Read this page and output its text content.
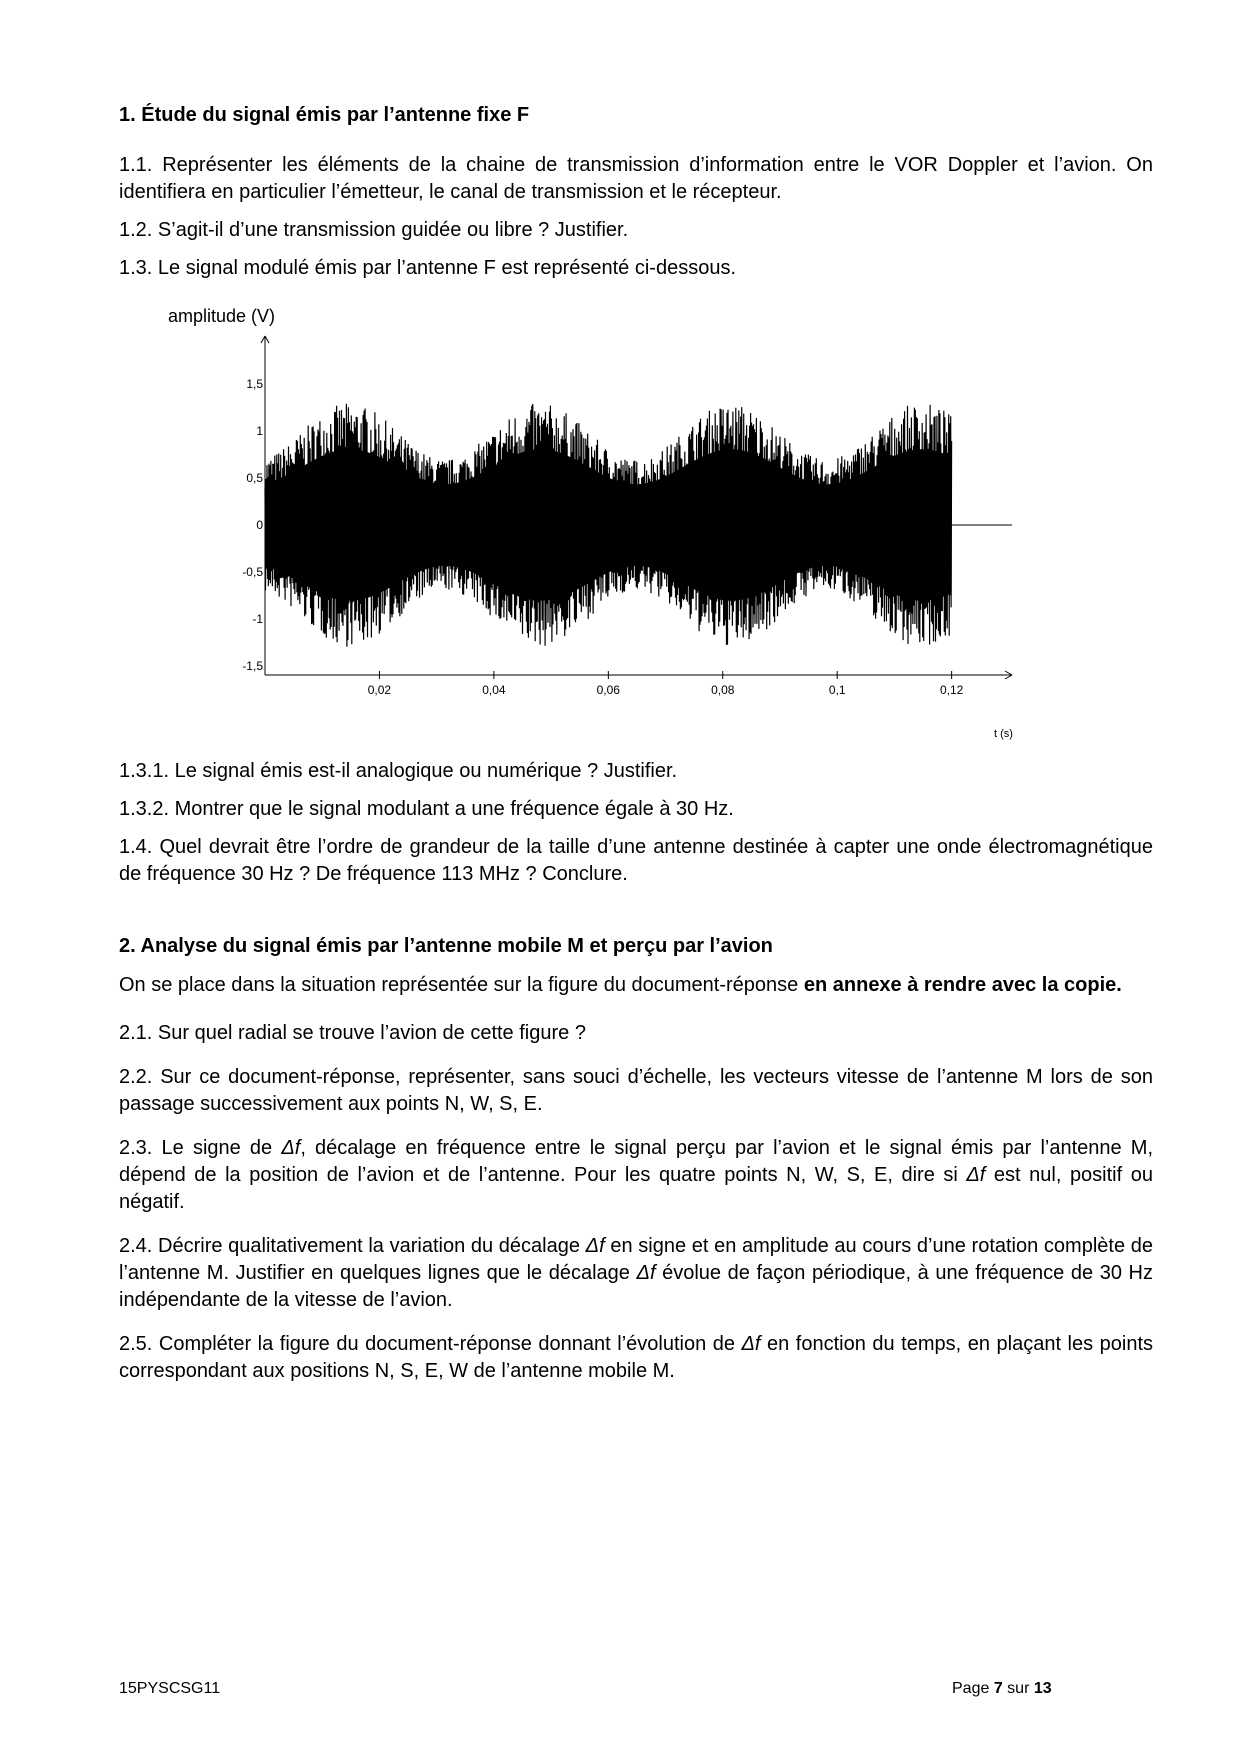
1. Étude du signal émis par l’antenne fixe F

1.1. Représenter les éléments de la chaine de transmission d’information entre le VOR Doppler et l’avion. On identifiera en particulier l’émetteur, le canal de transmission et le récepteur.

1.2. S’agit-il d’une transmission guidée ou libre ? Justifier.

1.3. Le signal modulé émis par l’antenne F est représenté ci-dessous.

amplitude (V)
0,02	0,04	0,06	0,08	0,1	0,12
1,5
1
0,5
0
-0,5
-1
-1,5
t (s)

1.3.1. Le signal émis est-il analogique ou numérique ? Justifier.

1.3.2. Montrer que le signal modulant a une fréquence égale à 30 Hz.

1.4. Quel devrait être l’ordre de grandeur de la taille d’une antenne destinée à capter une onde électromagnétique de fréquence 30 Hz ? De fréquence 113 MHz ? Conclure.

2. Analyse du signal émis par l’antenne mobile M et perçu par l’avion

On se place dans la situation représentée sur la figure du document-réponse en annexe à rendre avec la copie.

2.1. Sur quel radial se trouve l’avion de cette figure ?

2.2. Sur ce document-réponse, représenter, sans souci d’échelle, les vecteurs vitesse de l’antenne M lors de son passage successivement aux points N, W, S, E.

2.3. Le signe de Δf, décalage en fréquence entre le signal perçu par l’avion et le signal émis par l’antenne M, dépend de la position de l’avion et de l’antenne. Pour les quatre points N, W, S, E, dire si Δf est nul, positif ou négatif.

2.4. Décrire qualitativement la variation du décalage Δf en signe et en amplitude au cours d’une rotation complète de l’antenne M. Justifier en quelques lignes que le décalage Δf évolue de façon périodique, à une fréquence de 30 Hz indépendante de la vitesse de l’avion.

2.5. Compléter la figure du document-réponse donnant l’évolution de Δf en fonction du temps, en plaçant les points correspondant aux positions N, S, E, W de l’antenne mobile M.

15PYSCSG11	Page 7 sur 13
